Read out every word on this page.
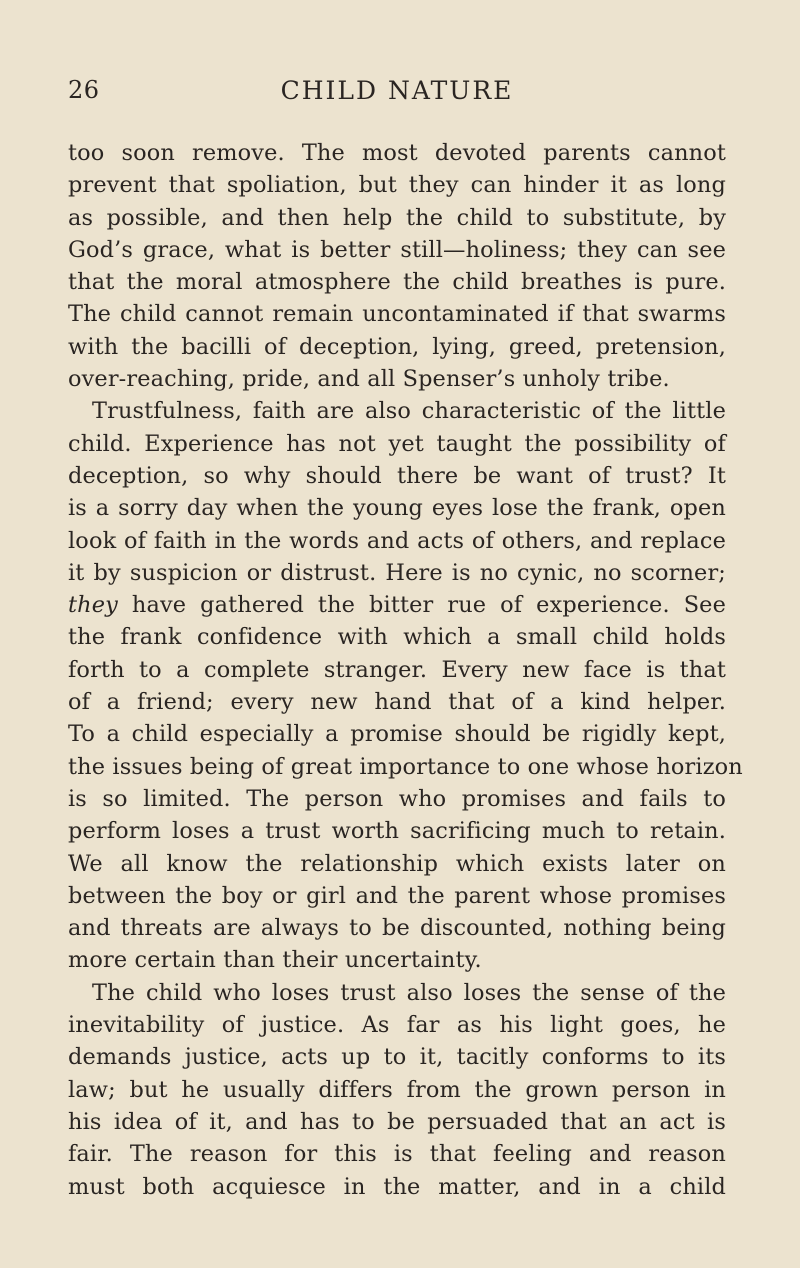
26	CHILD NATURE
too soon remove. The most devoted parents cannot
prevent that spoliation, but they can hinder it as long
as possible, and then help the child to substitute, by
God’s grace, what is better still—holiness; they can see
that the moral atmosphere the child breathes is pure.
The child cannot remain uncontaminated if that swarms
with the bacilli of deception, lying, greed, pretension,
over-reaching, pride, and all Spenser’s unholy tribe.
Trustfulness, faith are also characteristic of the little
child. Experience has not yet taught the possibility of
deception, so why should there be want of trust? It
is a sorry day when the young eyes lose the frank, open
look of faith in the words and acts of others, and replace
it by suspicion or distrust. Here is no cynic, no scorner;
they have gathered the bitter rue of experience. See
the frank confidence with which a small child holds
forth to a complete stranger. Every new face is that
of a friend; every new hand that of a kind helper.
To a child especially a promise should be rigidly kept,
the issues being of great importance to one whose horizon
is so limited. The person who promises and fails to
perform loses a trust worth sacrificing much to retain.
We all know the relationship which exists later on
between the boy or girl and the parent whose promises
and threats are always to be discounted, nothing being
more certain than their uncertainty.
The child who loses trust also loses the sense of the
inevitability of justice. As far as his light goes, he
demands justice, acts up to it, tacitly conforms to its
law; but he usually differs from the grown person in
his idea of it, and has to be persuaded that an act is
fair. The reason for this is that feeling and reason
must both acquiesce in the matter, and in a child
